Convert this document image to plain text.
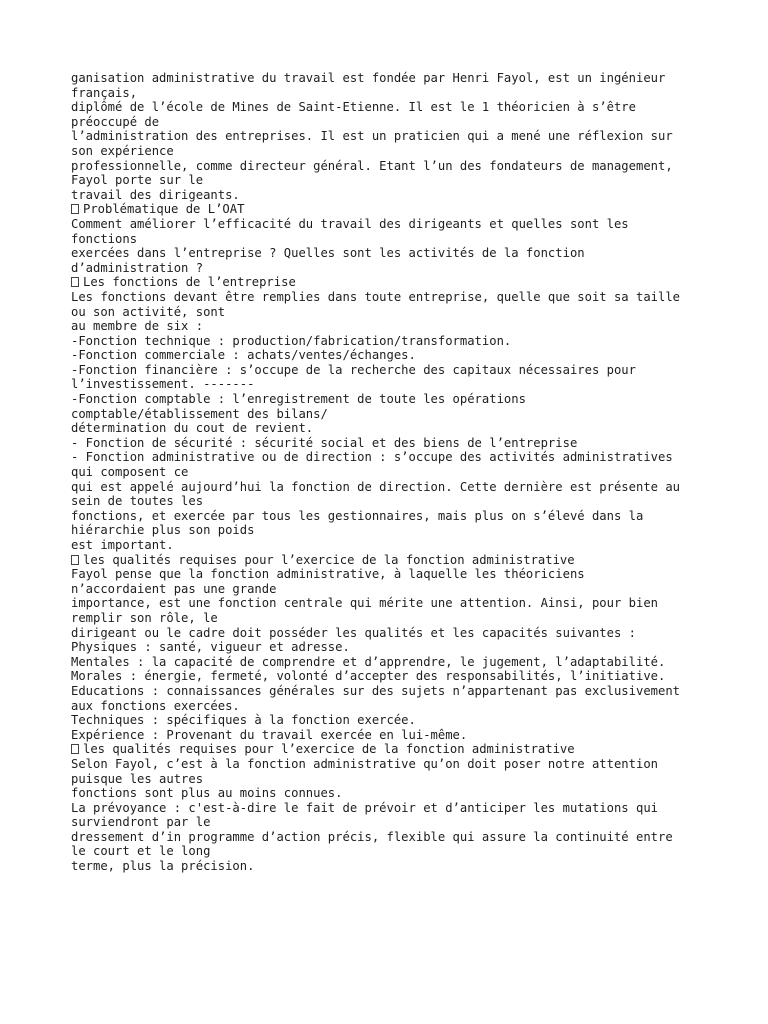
ganisation administrative du travail est fondée par Henri Fayol, est un ingénieur
français,
diplômé de l’école de Mines de Saint-Etienne. Il est le 1 théoricien à s’être
préoccupé de
l’administration des entreprises. Il est un praticien qui a mené une réflexion sur
son expérience
professionnelle, comme directeur général. Etant l’un des fondateurs de management,
Fayol porte sur le
travail des dirigeants.
Problématique de L’OAT
Comment améliorer l’efficacité du travail des dirigeants et quelles sont les
fonctions
exercées dans l’entreprise ? Quelles sont les activités de la fonction
d’administration ?
Les fonctions de l’entreprise
Les fonctions devant être remplies dans toute entreprise, quelle que soit sa taille
ou son activité, sont
au membre de six :
-Fonction technique : production/fabrication/transformation.
-Fonction commerciale : achats/ventes/échanges.
-Fonction financière : s’occupe de la recherche des capitaux nécessaires pour
l’investissement. -------
-Fonction comptable : l’enregistrement de toute les opérations
comptable/établissement des bilans/
détermination du cout de revient.
- Fonction de sécurité : sécurité social et des biens de l’entreprise
- Fonction administrative ou de direction : s’occupe des activités administratives
qui composent ce
qui est appelé aujourd’hui la fonction de direction. Cette dernière est présente au
sein de toutes les
fonctions, et exercée par tous les gestionnaires, mais plus on s’élevé dans la
hiérarchie plus son poids
est important.
les qualités requises pour l’exercice de la fonction administrative
Fayol pense que la fonction administrative, à laquelle les théoriciens
n’accordaient pas une grande
importance, est une fonction centrale qui mérite une attention. Ainsi, pour bien
remplir son rôle, le
dirigeant ou le cadre doit posséder les qualités et les capacités suivantes :
Physiques : santé, vigueur et adresse.
Mentales : la capacité de comprendre et d’apprendre, le jugement, l’adaptabilité.
Morales : énergie, fermeté, volonté d’accepter des responsabilités, l’initiative.
Educations : connaissances générales sur des sujets n’appartenant pas exclusivement
aux fonctions exercées.
Techniques : spécifiques à la fonction exercée.
Expérience : Provenant du travail exercée en lui-même.
les qualités requises pour l’exercice de la fonction administrative
Selon Fayol, c’est à la fonction administrative qu’on doit poser notre attention
puisque les autres
fonctions sont plus au moins connues.
La prévoyance : c'est-à-dire le fait de prévoir et d’anticiper les mutations qui
surviendront par le
dressement d’in programme d’action précis, flexible qui assure la continuité entre
le court et le long
terme, plus la précision.
